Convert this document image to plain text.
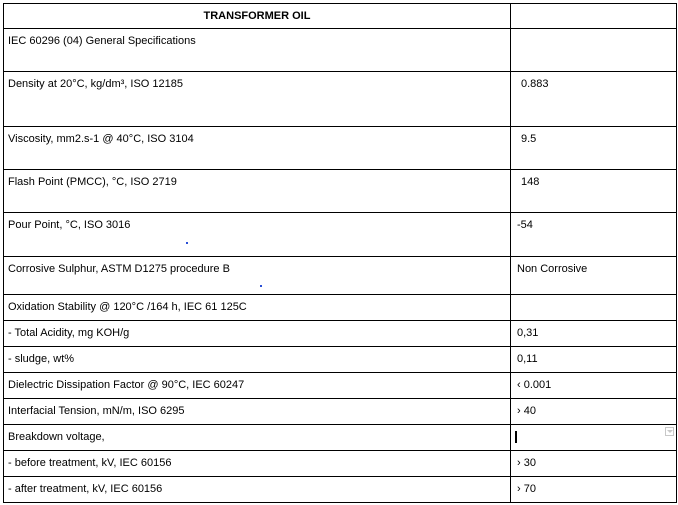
TRANSFORMER OIL	
IEC 60296 (04) General Specifications	
Density at 20°C, kg/dm³, ISO 12185	0.883
Viscosity, mm2.s-1 @ 40°C, ISO 3104	9.5
Flash Point (PMCC), °C, ISO 2719	148
Pour Point, °C, ISO 3016	-54
Corrosive Sulphur, ASTM D1275 procedure B	Non Corrosive
Oxidation Stability @ 120°C /164 h, IEC 61 125C	
- Total Acidity, mg KOH/g	0,31
- sludge, wt%	0,11
Dielectric Dissipation Factor @ 90°C, IEC 60247	‹ 0.001
Interfacial Tension, mN/m, ISO 6295	› 40
Breakdown voltage,	

- before treatment, kV, IEC 60156	› 30
- after treatment, kV, IEC 60156	› 70
